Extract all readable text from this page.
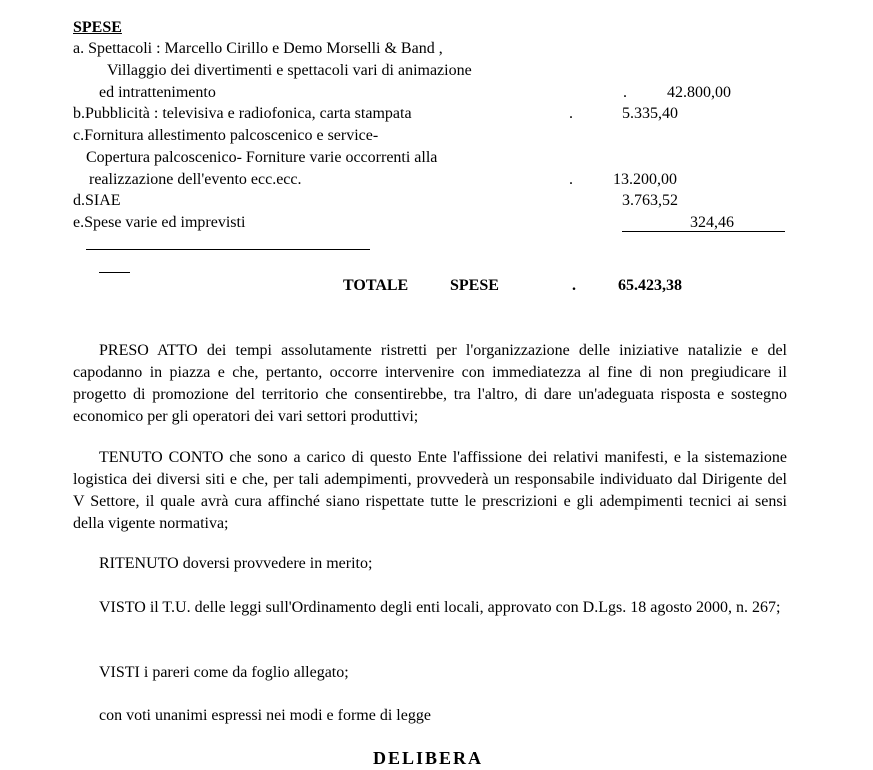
SPESE
a. Spettacoli : Marcello Cirillo e Demo Morselli & Band ,
Villaggio dei divertimenti e spettacoli vari di animazione
ed intrattenimento	.	42.800,00
b.Pubblicità : televisiva e radiofonica, carta stampata	.	5.335,40
c.Fornitura allestimento palcoscenico e service-
Copertura palcoscenico- Forniture varie occorrenti alla
realizzazione dell'evento ecc.ecc.	.	13.200,00
d.SIAE	3.763,52
e.Spese varie ed imprevisti	324,46
TOTALE	SPESE	.	65.423,38
PRESO ATTO dei tempi assolutamente ristretti per l'organizzazione delle iniziative natalizie e del capodanno in piazza e che, pertanto, occorre intervenire con immediatezza al fine di non pregiudicare il progetto di promozione del territorio che consentirebbe, tra l'altro, di dare un'adeguata risposta e sostegno economico per gli operatori dei vari settori produttivi;
TENUTO CONTO che sono a carico di questo Ente l'affissione dei relativi manifesti, e la sistemazione logistica dei diversi siti e che, per tali adempimenti, provvederà un responsabile individuato dal Dirigente del V Settore, il quale avrà cura affinché siano rispettate tutte le prescrizioni e gli adempimenti tecnici ai sensi della vigente normativa;
RITENUTO doversi provvedere in merito;
VISTO il T.U. delle leggi sull'Ordinamento degli enti locali, approvato con D.Lgs. 18 agosto 2000, n. 267;
VISTI i pareri come da foglio allegato;
con voti unanimi espressi nei modi e forme di legge
DELIBERA
